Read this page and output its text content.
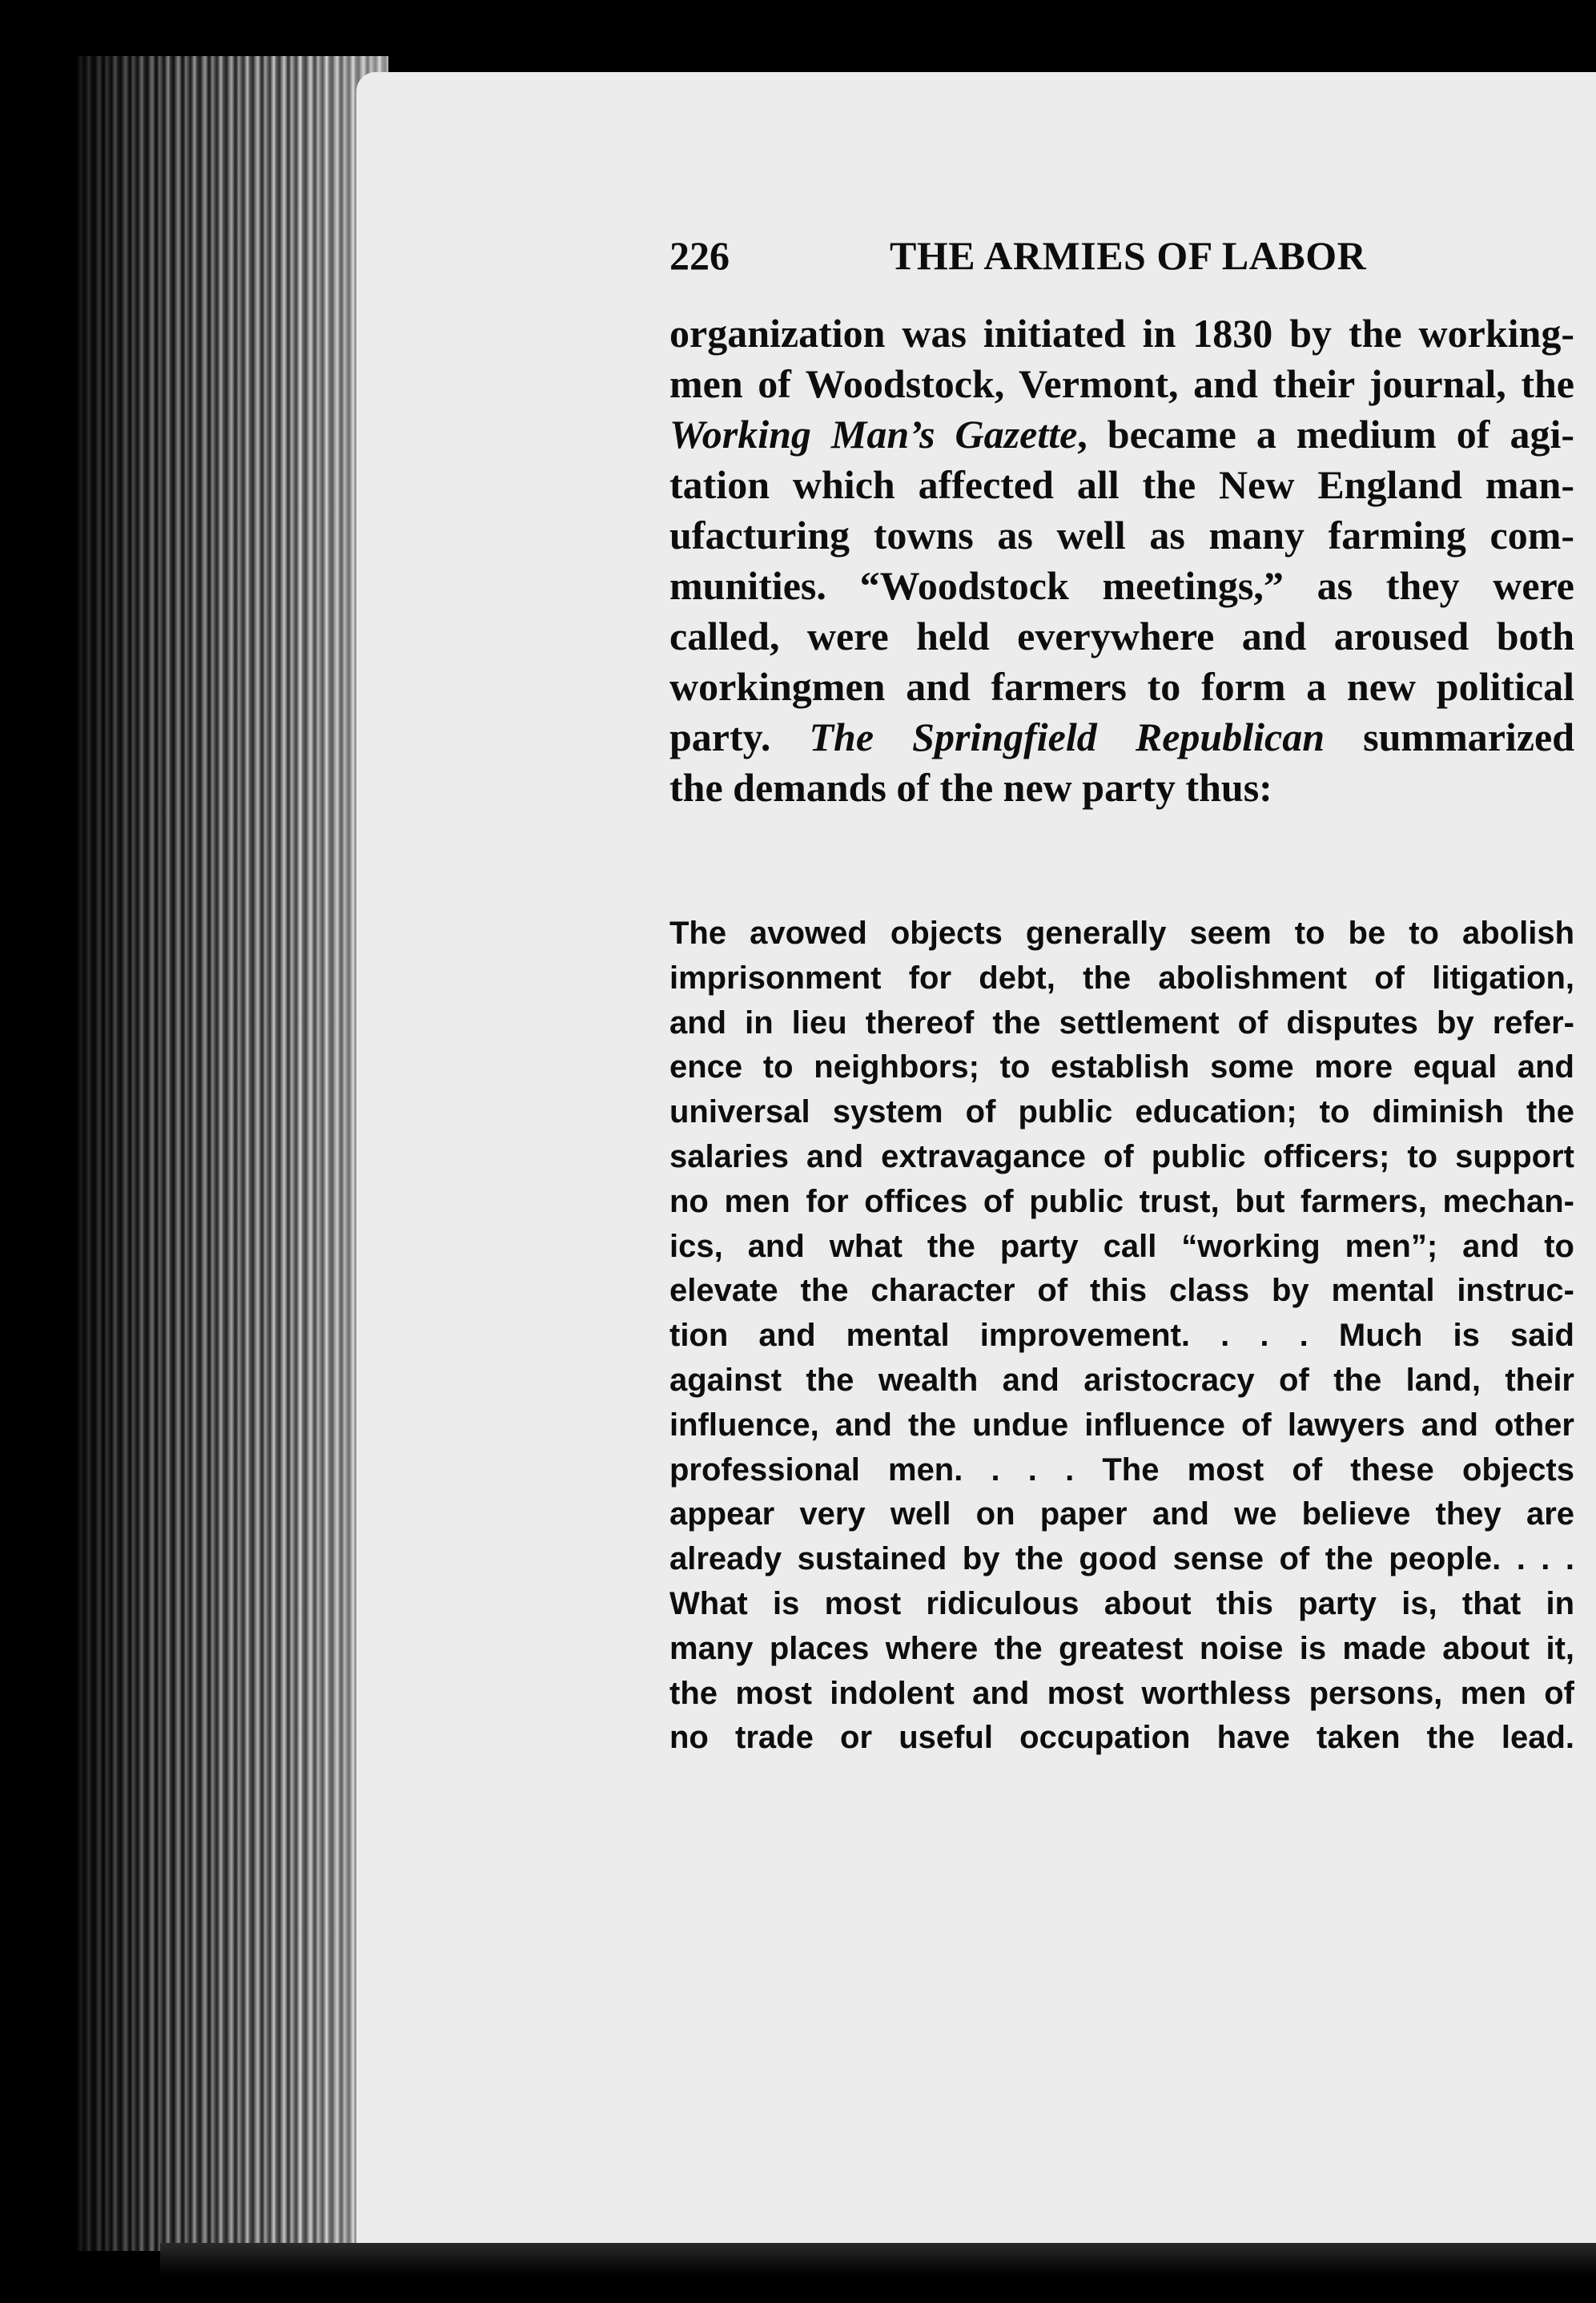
226	THE ARMIES OF LABOR
organization was initiated in 1830 by the working-
men of Woodstock, Vermont, and their journal, the
Working Man’s Gazette, became a medium of agi-
tation which affected all the New England man-
ufacturing towns as well as many farming com-
munities. “Woodstock meetings,” as they were
called, were held everywhere and aroused both
workingmen and farmers to form a new political
party. The Springfield Republican summarized
the demands of the new party thus:
The avowed objects generally seem to be to abolish
imprisonment for debt, the abolishment of litigation,
and in lieu thereof the settlement of disputes by refer-
ence to neighbors; to establish some more equal and
universal system of public education; to diminish the
salaries and extravagance of public officers; to support
no men for offices of public trust, but farmers, mechan-
ics, and what the party call “working men”; and to
elevate the character of this class by mental instruc-
tion and mental improvement. . . . Much is said
against the wealth and aristocracy of the land, their
influence, and the undue influence of lawyers and other
professional men. . . . The most of these objects
appear very well on paper and we believe they are
already sustained by the good sense of the people. . . .
What is most ridiculous about this party is, that in
many places where the greatest noise is made about it,
the most indolent and most worthless persons, men of
no trade or useful occupation have taken the lead.
